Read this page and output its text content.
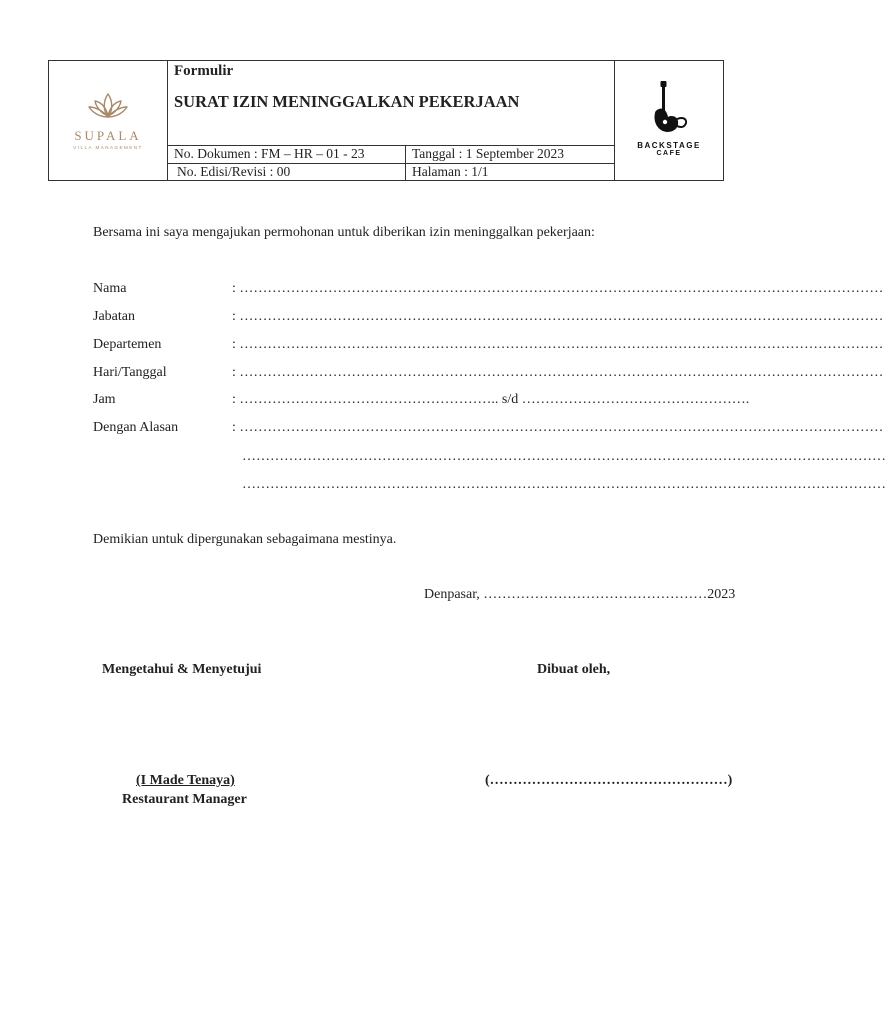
SUPALA
VILLA MANAGEMENT
Formulir
SURAT IZIN MENINGGALKAN PEKERJAAN
No. Dokumen : FM – HR – 01 - 23	Tanggal : 1 September 2023
No. Edisi/Revisi : 00	Halaman : 1/1
BACKSTAGE
CAFE
Bersama ini saya mengajukan permohonan untuk diberikan izin meninggalkan pekerjaan:
Nama	: …………………………………………………………………………………………………………………………
Jabatan	: …………………………………………………………………………………………………………………………
Departemen	: …………………………………………………………………………………………………………………………
Hari/Tanggal	: …………………………………………………………………………………………………………………………
Jam	: ……………………………………………….. s/d ………………………………………….
Dengan Alasan	: …………………………………………………………………………………………………………………………
…………………………………………………………………………………………………………………………
…………………………………………………………………………………………………………………………
Demikian untuk dipergunakan sebagaimana mestinya.
Denpasar, …………………………………………2023
Mengetahui & Menyetujui	Dibuat oleh,
(I Made Tenaya)
Restaurant Manager
(……………………………………………)
